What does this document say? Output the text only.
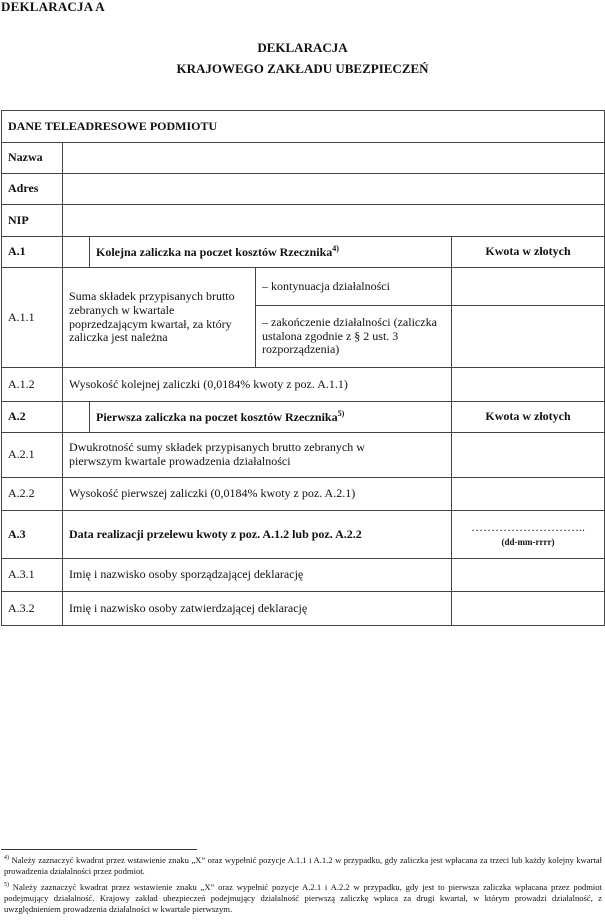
DEKLARACJA A
DEKLARACJA
KRAJOWEGO ZAKŁADU UBEZPIECZEŃ
DANE TELEADRESOWE PODMIOTU				
Nazwa				
Adres				
NIP				
A.1		Kolejna zaliczka na poczet kosztów Rzecznika$^{4)}$		Kwota w złotych
A.1.1	Suma składek przypisanych brutto zebranych w kwartale poprzedzającym kwartał, za który zaliczka jest należna		– kontynuacja działalności	
			– zakończenie działalności (zaliczka ustalona zgodnie z § 2 ust. 3 rozporządzenia)	
A.1.2	Wysokość kolejnej zaliczki (0,0184% kwoty z poz. A.1.1)			
A.2		Pierwsza zaliczka na poczet kosztów Rzecznika$^{5)}$		Kwota w złotych
A.2.1	Dwukrotność sumy składek przypisanych brutto zebranych w pierwszym kwartale prowadzenia działalności			
A.2.2	Wysokość pierwszej zaliczki (0,0184% kwoty z poz. A.2.1)			
A.3	Data realizacji przelewu kwoty z poz. A.1.2 lub poz. A.2.2			………………………..
(dd-mm-rrrr)

A.3.1	Imię i nazwisko osoby sporządzającej deklarację			
A.3.2	Imię i nazwisko osoby zatwierdzającej deklarację			
$^{4)}$ Należy zaznaczyć kwadrat przez wstawienie znaku „X” oraz wypełnić pozycje A.1.1 i A.1.2 w przypadku, gdy zaliczka jest wpłacana za trzeci lub każdy kolejny kwartał prowadzenia działalności przez podmiot.
$^{5)}$ Należy zaznaczyć kwadrat przez wstawienie znaku „X” oraz wypełnić pozycje A.2.1 i A.2.2 w przypadku, gdy jest to pierwsza zaliczka wpłacana przez podmiot podejmujący działalność. Krajowy zakład ubezpieczeń podejmujący działalność pierwszą zaliczkę wpłaca za drugi kwartał, w którym prowadzi działalność, z uwzględnieniem prowadzenia działalności w kwartale pierwszym.
